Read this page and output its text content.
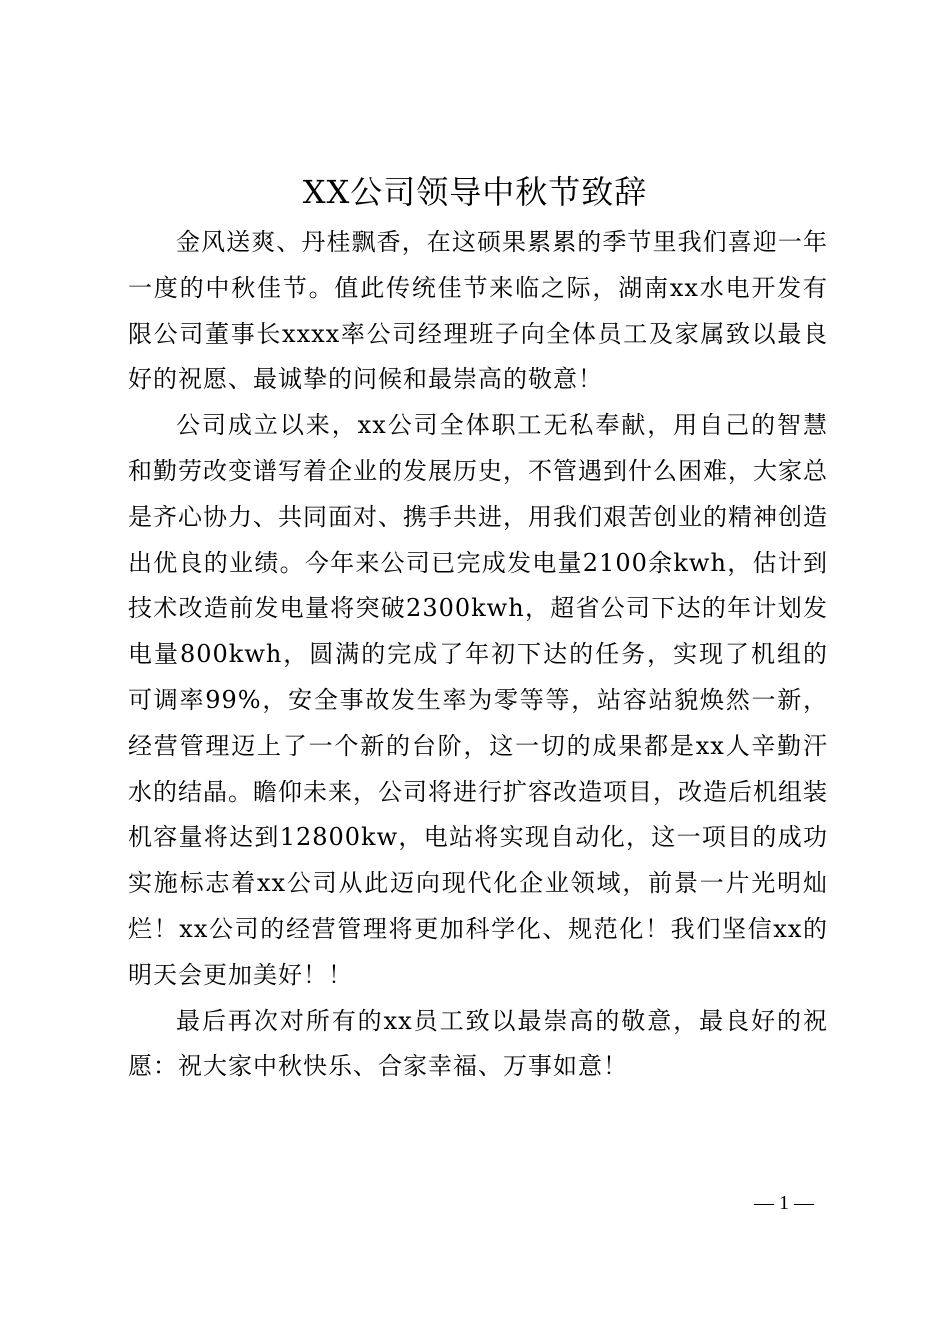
XX公司领导中秋节致辞

金风送爽、丹桂飘香，在这硕果累累的季节里我们喜迎一年一度的中秋佳节。值此传统佳节来临之际，湖南xx水电开发有限公司董事长xxxx率公司经理班子向全体员工及家属致以最良好的祝愿、最诚挚的问候和最崇高的敬意！

公司成立以来，xx公司全体职工无私奉献，用自己的智慧和勤劳改变谱写着企业的发展历史，不管遇到什么困难，大家总是齐心协力、共同面对、携手共进，用我们艰苦创业的精神创造出优良的业绩。今年来公司已完成发电量2100余kwh，估计到技术改造前发电量将突破2300kwh，超省公司下达的年计划发电量800kwh，圆满的完成了年初下达的任务，实现了机组的可调率99%，安全事故发生率为零等等，站容站貌焕然一新，经营管理迈上了一个新的台阶，这一切的成果都是xx人辛勤汗水的结晶。瞻仰未来，公司将进行扩容改造项目，改造后机组装机容量将达到12800kw，电站将实现自动化，这一项目的成功实施标志着xx公司从此迈向现代化企业领域，前景一片光明灿烂！xx公司的经营管理将更加科学化、规范化！我们坚信xx的明天会更加美好！！

最后再次对所有的xx员工致以最崇高的敬意，最良好的祝愿：祝大家中秋快乐、合家幸福、万事如意！

— 1 —
